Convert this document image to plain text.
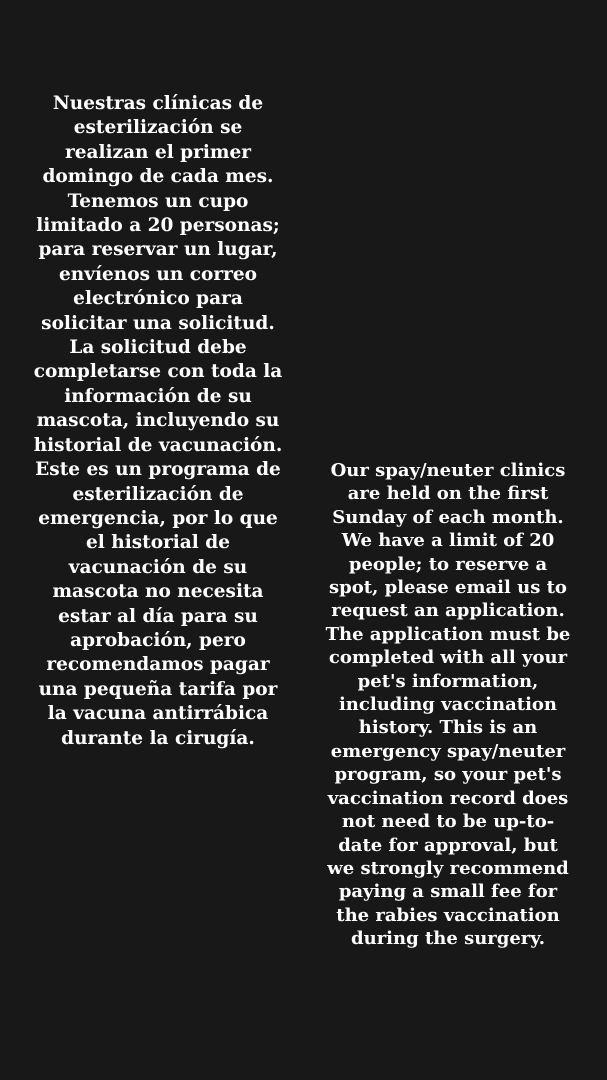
Nuestras clínicas de
esterilización se
realizan el primer
domingo de cada mes.
Tenemos un cupo
limitado a 20 personas;
para reservar un lugar,
envíenos un correo
electrónico para
solicitar una solicitud.
La solicitud debe
completarse con toda la
información de su
mascota, incluyendo su
historial de vacunación.
Este es un programa de
esterilización de
emergencia, por lo que
el historial de
vacunación de su
mascota no necesita
estar al día para su
aprobación, pero
recomendamos pagar
una pequeña tarifa por
la vacuna antirrábica
durante la cirugía.

Our spay/neuter clinics
are held on the first
Sunday of each month.
We have a limit of 20
people; to reserve a
spot, please email us to
request an application.
The application must be
completed with all your
pet's information,
including vaccination
history. This is an
emergency spay/neuter
program, so your pet's
vaccination record does
not need to be up-to-
date for approval, but
we strongly recommend
paying a small fee for
the rabies vaccination
during the surgery.
